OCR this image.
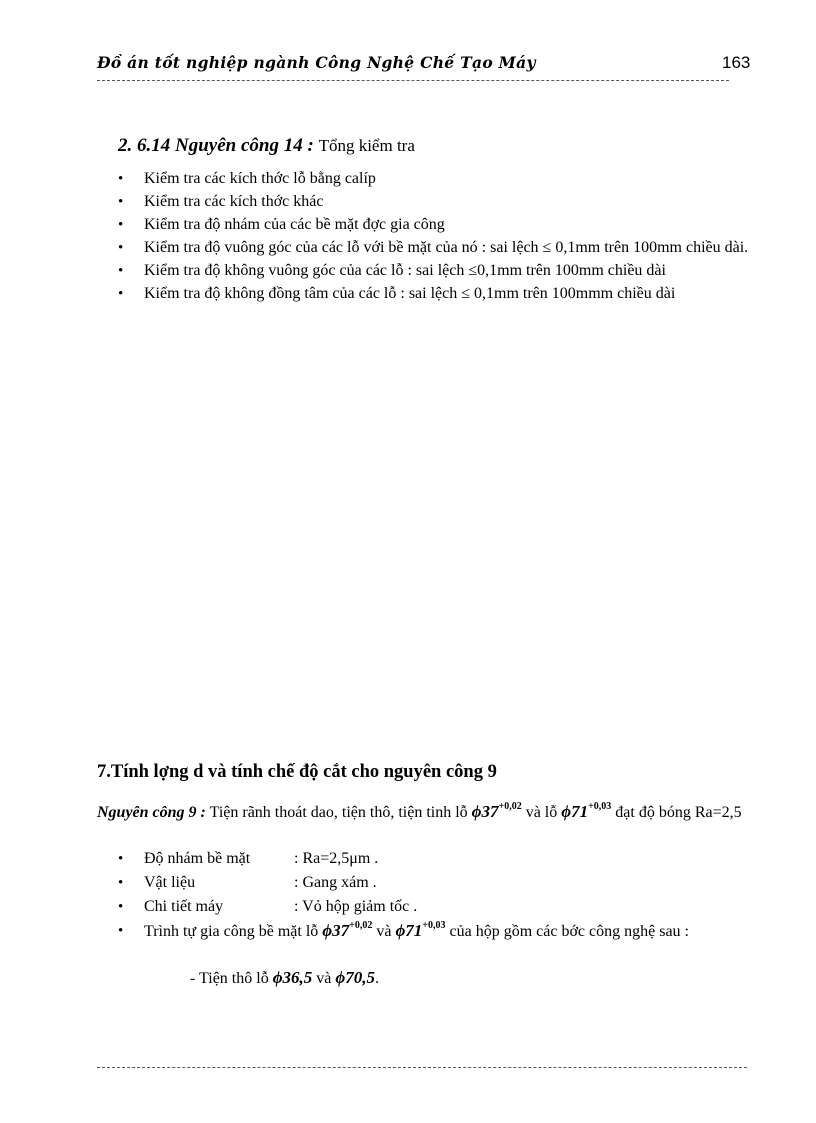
Đồ án tốt nghiệp ngành Công Nghệ Chế Tạo Máy	163
2. 6.14 Nguyên công 14 : Tổng kiểm tra
• Kiểm tra các kích thớc lỗ bằng calíp
• Kiểm tra các kích thớc khác
• Kiểm tra độ nhám của các bề mặt đợc gia công
• Kiểm tra độ vuông góc của các lỗ với bề mặt của nó : sai lệch ≤ 0,1mm trên 100mm chiều dài.
• Kiểm tra độ không vuông góc của các lỗ : sai lệch ≤0,1mm trên 100mm chiều dài
• Kiểm tra độ không đồng tâm của các lỗ : sai lệch ≤ 0,1mm trên 100mmm chiều dài
7.Tính lợng d và tính chế độ cắt cho nguyên công 9
Nguyên công 9 : Tiện rãnh thoát dao, tiện thô, tiện tinh lỗ $\phi 37^{+0,02}$ và lỗ $\phi 71^{+0,03}$ đạt độ bóng Ra=2,5
• Độ nhám bề mặt	: Ra=2,5μm .
• Vật liệu	: Gang xám .
• Chi tiết máy	: Vỏ hộp giảm tốc .
• Trình tự gia công bề mặt lỗ $\phi 37^{+0,02}$ và $\phi 71^{+0,03}$ của hộp gồm các bớc công nghệ sau :
- Tiện thô lỗ ϕ36,5 và ϕ70,5.
